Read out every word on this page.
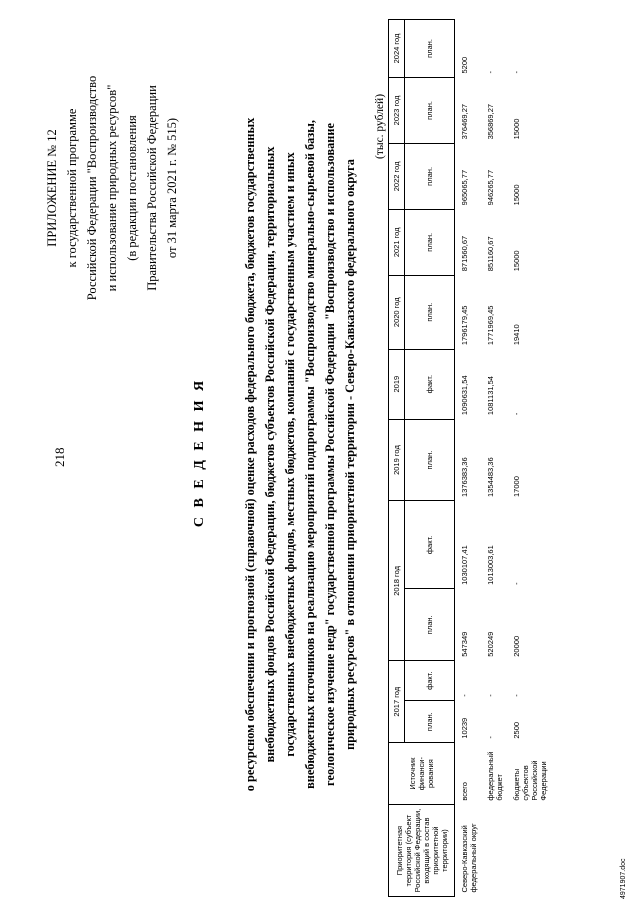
218
ПРИЛОЖЕНИЕ № 12 к государственной программе Российской Федерации "Воспроизводство и использование природных ресурсов" (в редакции постановления Правительства Российской Федерации от 31 марта 2021 г. № 515)
С В Е Д Е Н И Я	о ресурсном обеспечении и прогнозной (справочной) оценке расходов федерального бюджета, бюджетов государственных внебюджетных фондов Российской Федерации, бюджетов субъектов Российской Федерации, территориальных государственных внебюджетных фондов, местных бюджетов, компаний с государственным участием и иных внебюджетных источников на реализацию мероприятий подпрограммы "Воспроизводство минерально-сырьевой базы, геологическое изучение недр" государственной программы Российской Федерации "Воспроизводство и использование природных ресурсов" в отношении приоритетной территории - Северо-Кавказского федерального округа
(тыс. рублей)
Приоритетная территория (субъект Российской Федерации, входящий в состав приоритетной территории)	Источник финанси-рования	2017 год		2018 год		2019 год	2019	2020 год	2021 год	2022 год	2023 год	2024 год
		план.	факт.	план.	факт.	план.	факт.	план.	план.	план.	план.	план.
Северо-Кавказский федеральный округ	всего	10239	-	547349	1030107,41	1376383,36	1090631,54	1796179,45	871560,67	965065,77	376469,27	5200
	федеральный бюджет	-	-	520249	1013003,61	1354483,36	1081131,54	1771969,45	851160,67	946265,77	356869,27	-
	бюджеты субъектов Российской Федерации	2500	-	20000	-	17000	-	19410	15000	15000	15000	-
4971907.doc
